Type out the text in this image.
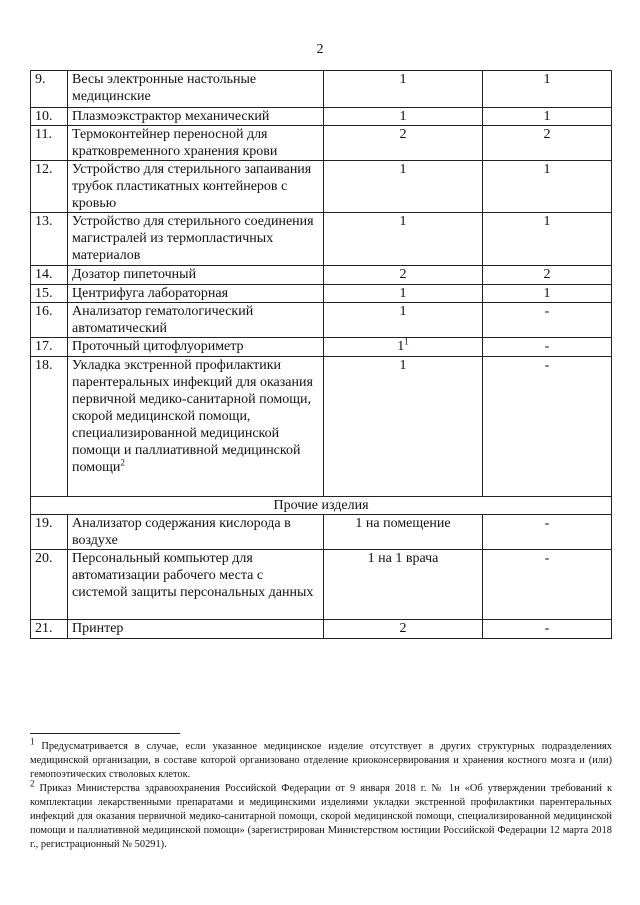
2
9.	Весы электронные настольные медицинские	1	1
10.	Плазмоэкстрактор механический	1	1
11.	Термоконтейнер переносной для кратковременного хранения крови	2	2
12.	Устройство для стерильного запаивания трубок пластикатных контейнеров с кровью	1	1
13.	Устройство для стерильного соединения магистралей из термопластичных материалов	1	1
14.	Дозатор пипеточный	2	2
15.	Центрифуга лабораторная	1	1
16.	Анализатор гематологический автоматический	1	-
17.	Проточный цитофлуориметр	$1^1$	-
18.	Укладка экстренной профилактики парентеральных инфекций для оказания первичной медико-санитарной помощи, скорой медицинской помощи, специализированной медицинской помощи и паллиативной медицинской помощи$^2$	1	-
Прочие изделия			
19.	Анализатор содержания кислорода в воздухе	1 на помещение	-
20.	Персональный компьютер для автоматизации рабочего места с системой защиты персональных данных	1 на 1 врача	-
21.	Принтер	2	-

$^1$ Предусматривается в случае, если указанное медицинское изделие отсутствует в других структурных подразделениях медицинской организации, в составе которой организовано отделение криоконсервирования и хранения костного мозга и (или) гемопоэтических стволовых клеток.

$^2$ Приказ Министерства здравоохранения Российской Федерации от 9 января 2018 г. № 1н «Об утверждении требований к комплектации лекарственными препаратами и медицинскими изделиями укладки экстренной профилактики парентеральных инфекций для оказания первичной медико-санитарной помощи, скорой медицинской помощи, специализированной медицинской помощи и паллиативной медицинской помощи» (зарегистрирован Министерством юстиции Российской Федерации 12 марта 2018 г., регистрационный № 50291).
